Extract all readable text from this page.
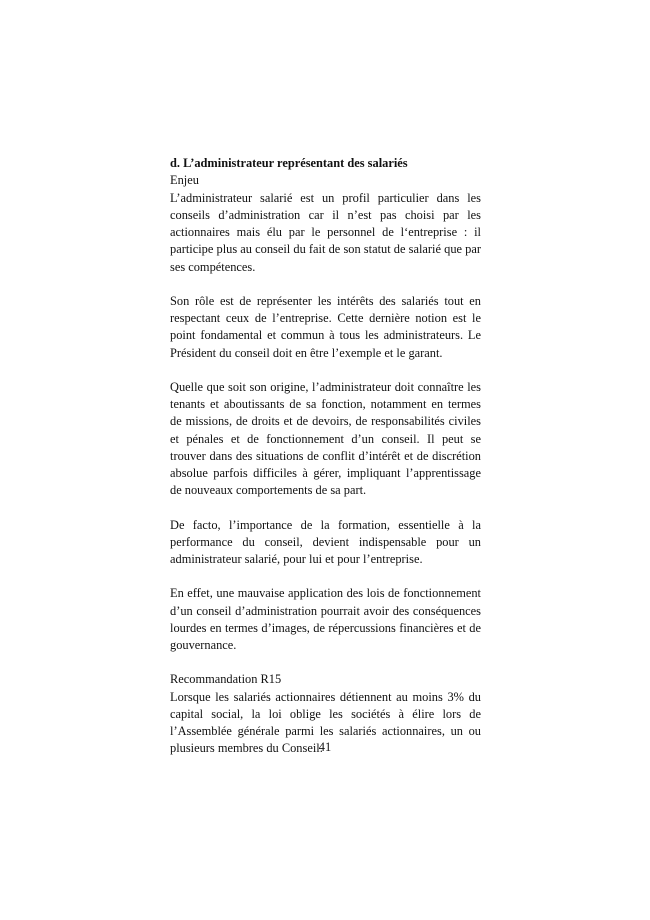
d. L’administrateur représentant des salariés

Enjeu

L’administrateur salarié est un profil particulier dans les conseils d’administration car il n’est pas choisi par les actionnaires mais élu par le personnel de l‘entreprise : il participe plus au conseil du fait de son statut de salarié que par ses compétences.

Son rôle est de représenter les intérêts des salariés tout en respectant ceux de l’entreprise. Cette dernière notion est le point fondamental et commun à tous les administrateurs. Le Président du conseil doit en être l’exemple et le garant.

Quelle que soit son origine, l’administrateur doit connaître les tenants et aboutissants de sa fonction, notamment en termes de missions, de droits et de devoirs, de responsabilités civiles et pénales et de fonctionnement d’un conseil. Il peut se trouver dans des situations de conflit d’intérêt et de discrétion absolue parfois difficiles à gérer, impliquant l’apprentissage de nouveaux comportements de sa part.

De facto, l’importance de la formation, essentielle à la performance du conseil, devient indispensable pour un administrateur salarié, pour lui et pour l’entreprise.

En effet, une mauvaise application des lois de fonctionnement d’un conseil d’administration pourrait avoir des conséquences lourdes en termes d’images, de répercussions financières et de gouvernance.

Recommandation R15

Lorsque les salariés actionnaires détiennent au moins 3% du capital social, la loi oblige les sociétés à élire lors de l’Assemblée générale parmi les salariés actionnaires, un ou plusieurs membres du Conseil.

41
